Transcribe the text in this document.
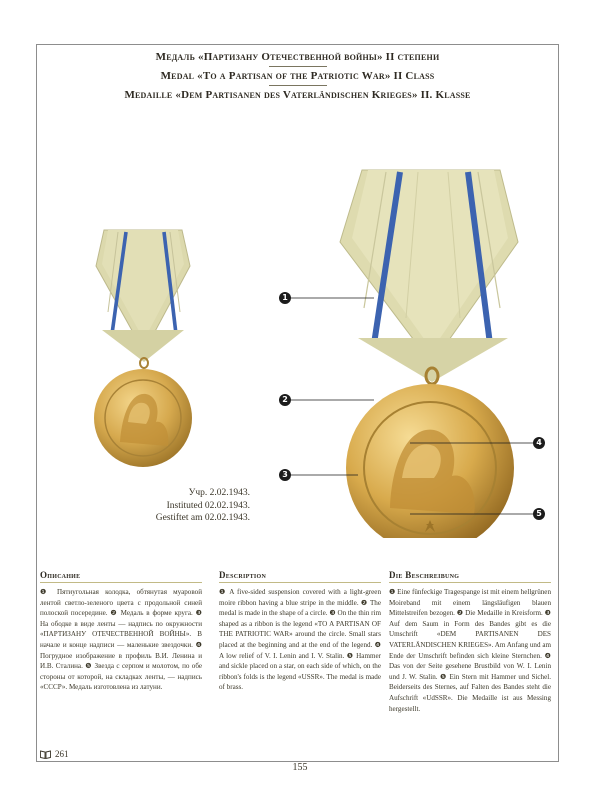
Медаль «Партизану Отечественной войны» II степени
Medal «To a Partisan of the Patriotic War» II Class
Medaille «Dem Partisanen des Vaterländischen Krieges» II. Klasse
Учр. 2.02.1943.
Instituted 02.02.1943.
Gestiftet am 02.02.1943.
1
2
3
4
5
Описание

❶ Пятиугольная колодка, обтянутая муаровой лентой светло-зеленого цвета с продольной синей полоской посередине. ❷ Медаль в форме круга. ❸ На ободке в виде ленты — надпись по окружности «ПАРТИЗАНУ ОТЕЧЕСТВЕННОЙ ВОЙНЫ». В начале и конце надписи — маленькие звездочки. ❹ Погрудное изображение в профиль В.И. Ленина и И.В. Сталина. ❺ Звезда с серпом и молотом, по обе стороны от которой, на складках ленты, — надпись «СССР». Медаль изготовлена из латуни.

Description

❶ A five-sided suspension covered with a light-green moire ribbon having a blue stripe in the middle. ❷ The medal is made in the shape of a circle. ❸ On the thin rim shaped as a ribbon is the legend «TO A PARTISAN OF THE PATRIOTIC WAR» around the circle. Small stars placed at the beginning and at the end of the legend. ❹ A low relief of V. I. Lenin and I. V. Stalin. ❺ Hammer and sickle placed on a star, on each side of which, on the ribbon's folds is the legend «USSR». The medal is made of brass.

Die Beschreibung

❶ Eine fünfeckige Tragespange ist mit einem hellgrünen Moireband mit einem längsläufigen blauen Mittelstreifen bezogen. ❷ Die Medaille in Kreisform. ❸ Auf dem Saum in Form des Bandes gibt es die Umschrift «DEM PARTISANEN DES VATERLÄNDISCHEN KRIEGES». Am Anfang und am Ende der Umschrift befinden sich kleine Sternchen. ❹ Das von der Seite gesehene Brustbild von W. I. Lenin und J. W. Stalin. ❺ Ein Stern mit Hammer und Sichel. Beiderseits des Sternes, auf Falten des Bandes steht die Aufschrift «UdSSR». Die Medaille ist aus Messing hergestellt.

261
155
